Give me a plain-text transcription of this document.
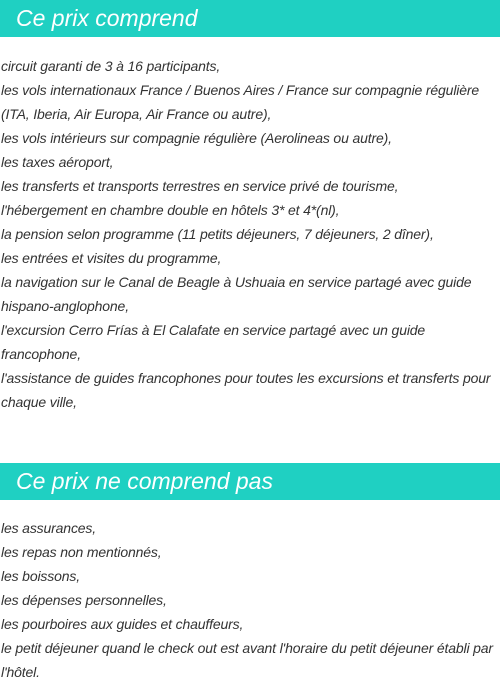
Ce prix comprend
circuit garanti de 3 à 16 participants,
les vols internationaux France / Buenos Aires / France sur compagnie régulière (ITA, Iberia, Air Europa, Air France ou autre),
les vols intérieurs sur compagnie régulière (Aerolineas ou autre),
les taxes aéroport,
les transferts et transports terrestres en service privé de tourisme,
l'hébergement en chambre double en hôtels 3* et 4*(nl),
la pension selon programme (11 petits déjeuners, 7 déjeuners, 2 dîner),
les entrées et visites du programme,
la navigation sur le Canal de Beagle à Ushuaia en service partagé avec guide hispano-anglophone,
l'excursion Cerro Frías à El Calafate en service partagé avec un guide francophone,
l'assistance de guides francophones pour toutes les excursions et transferts pour chaque ville,
Ce prix ne comprend pas
les assurances,
les repas non mentionnés,
les boissons,
les dépenses personnelles,
les pourboires aux guides et chauffeurs,
le petit déjeuner quand le check out est avant l'horaire du petit déjeuner établi par l'hôtel.
